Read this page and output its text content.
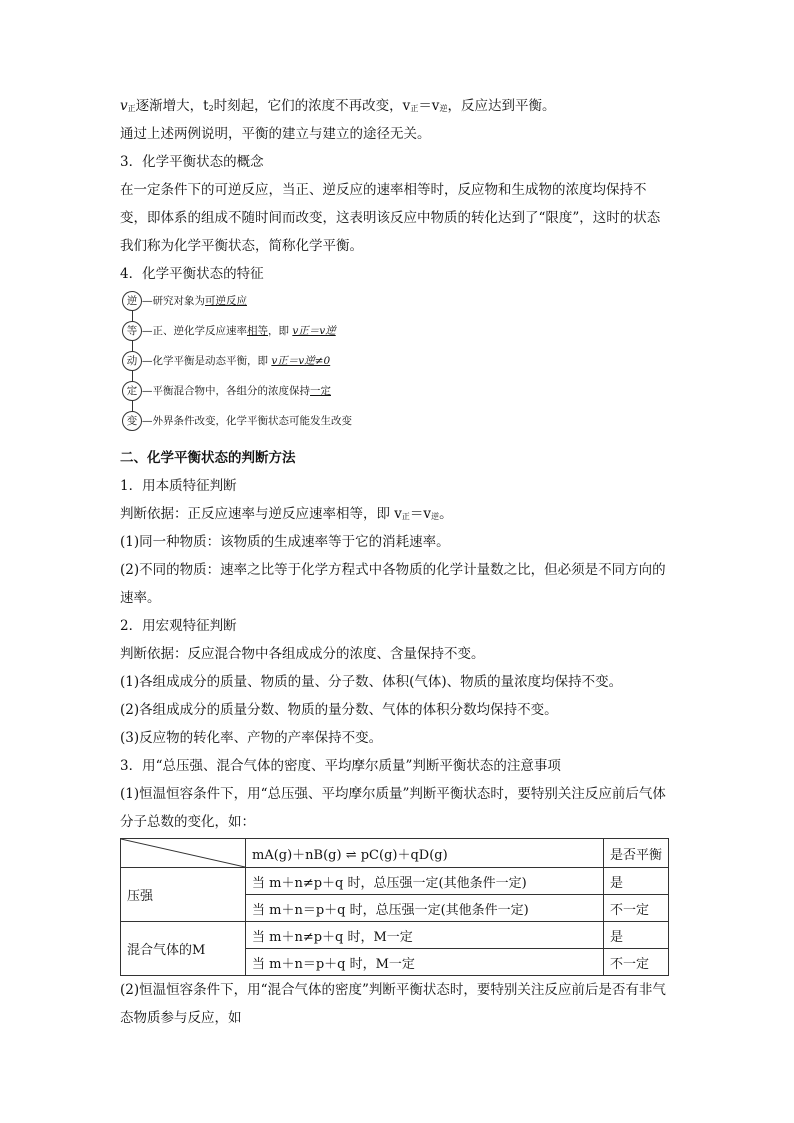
v正逐渐增大，t2时刻起，它们的浓度不再改变，v正＝v逆，反应达到平衡。
通过上述两例说明，平衡的建立与建立的途径无关。
3．化学平衡状态的概念
在一定条件下的可逆反应，当正、逆反应的速率相等时，反应物和生成物的浓度均保持不变，即体系的组成不随时间而改变，这表明该反应中物质的转化达到了“限度”，这时的状态我们称为化学平衡状态，简称化学平衡。
4．化学平衡状态的特征
逆 —研究对象为可逆反应
等 —正、逆化学反应速率相等，即 v正＝v逆
动 —化学平衡是动态平衡，即 v正＝v逆≠0
定 —平衡混合物中，各组分的浓度保持一定
变 —外界条件改变，化学平衡状态可能发生改变
二、化学平衡状态的判断方法
1．用本质特征判断
判断依据：正反应速率与逆反应速率相等，即 v正＝v逆。
(1)同一种物质：该物质的生成速率等于它的消耗速率。
(2)不同的物质：速率之比等于化学方程式中各物质的化学计量数之比，但必须是不同方向的速率。
2．用宏观特征判断
判断依据：反应混合物中各组成成分的浓度、含量保持不变。
(1)各组成成分的质量、物质的量、分子数、体积(气体)、物质的量浓度均保持不变。
(2)各组成成分的质量分数、物质的量分数、气体的体积分数均保持不变。
(3)反应物的转化率、产物的产率保持不变。
3．用“总压强、混合气体的密度、平均摩尔质量”判断平衡状态的注意事项
(1)恒温恒容条件下，用“总压强、平均摩尔质量”判断平衡状态时，要特别关注反应前后气体分子总数的变化，如：
	mA(g)＋nB(g) ⇌ pC(g)＋qD(g)	是否平衡
压强	当 m＋n≠p＋q 时，总压强一定(其他条件一定)	是
	当 m＋n＝p＋q 时，总压强一定(其他条件一定)	不一定
混合气体的M	当 m＋n≠p＋q 时，M一定	是
	当 m＋n＝p＋q 时，M一定	不一定
(2)恒温恒容条件下，用“混合气体的密度”判断平衡状态时，要特别关注反应前后是否有非气态物质参与反应，如
